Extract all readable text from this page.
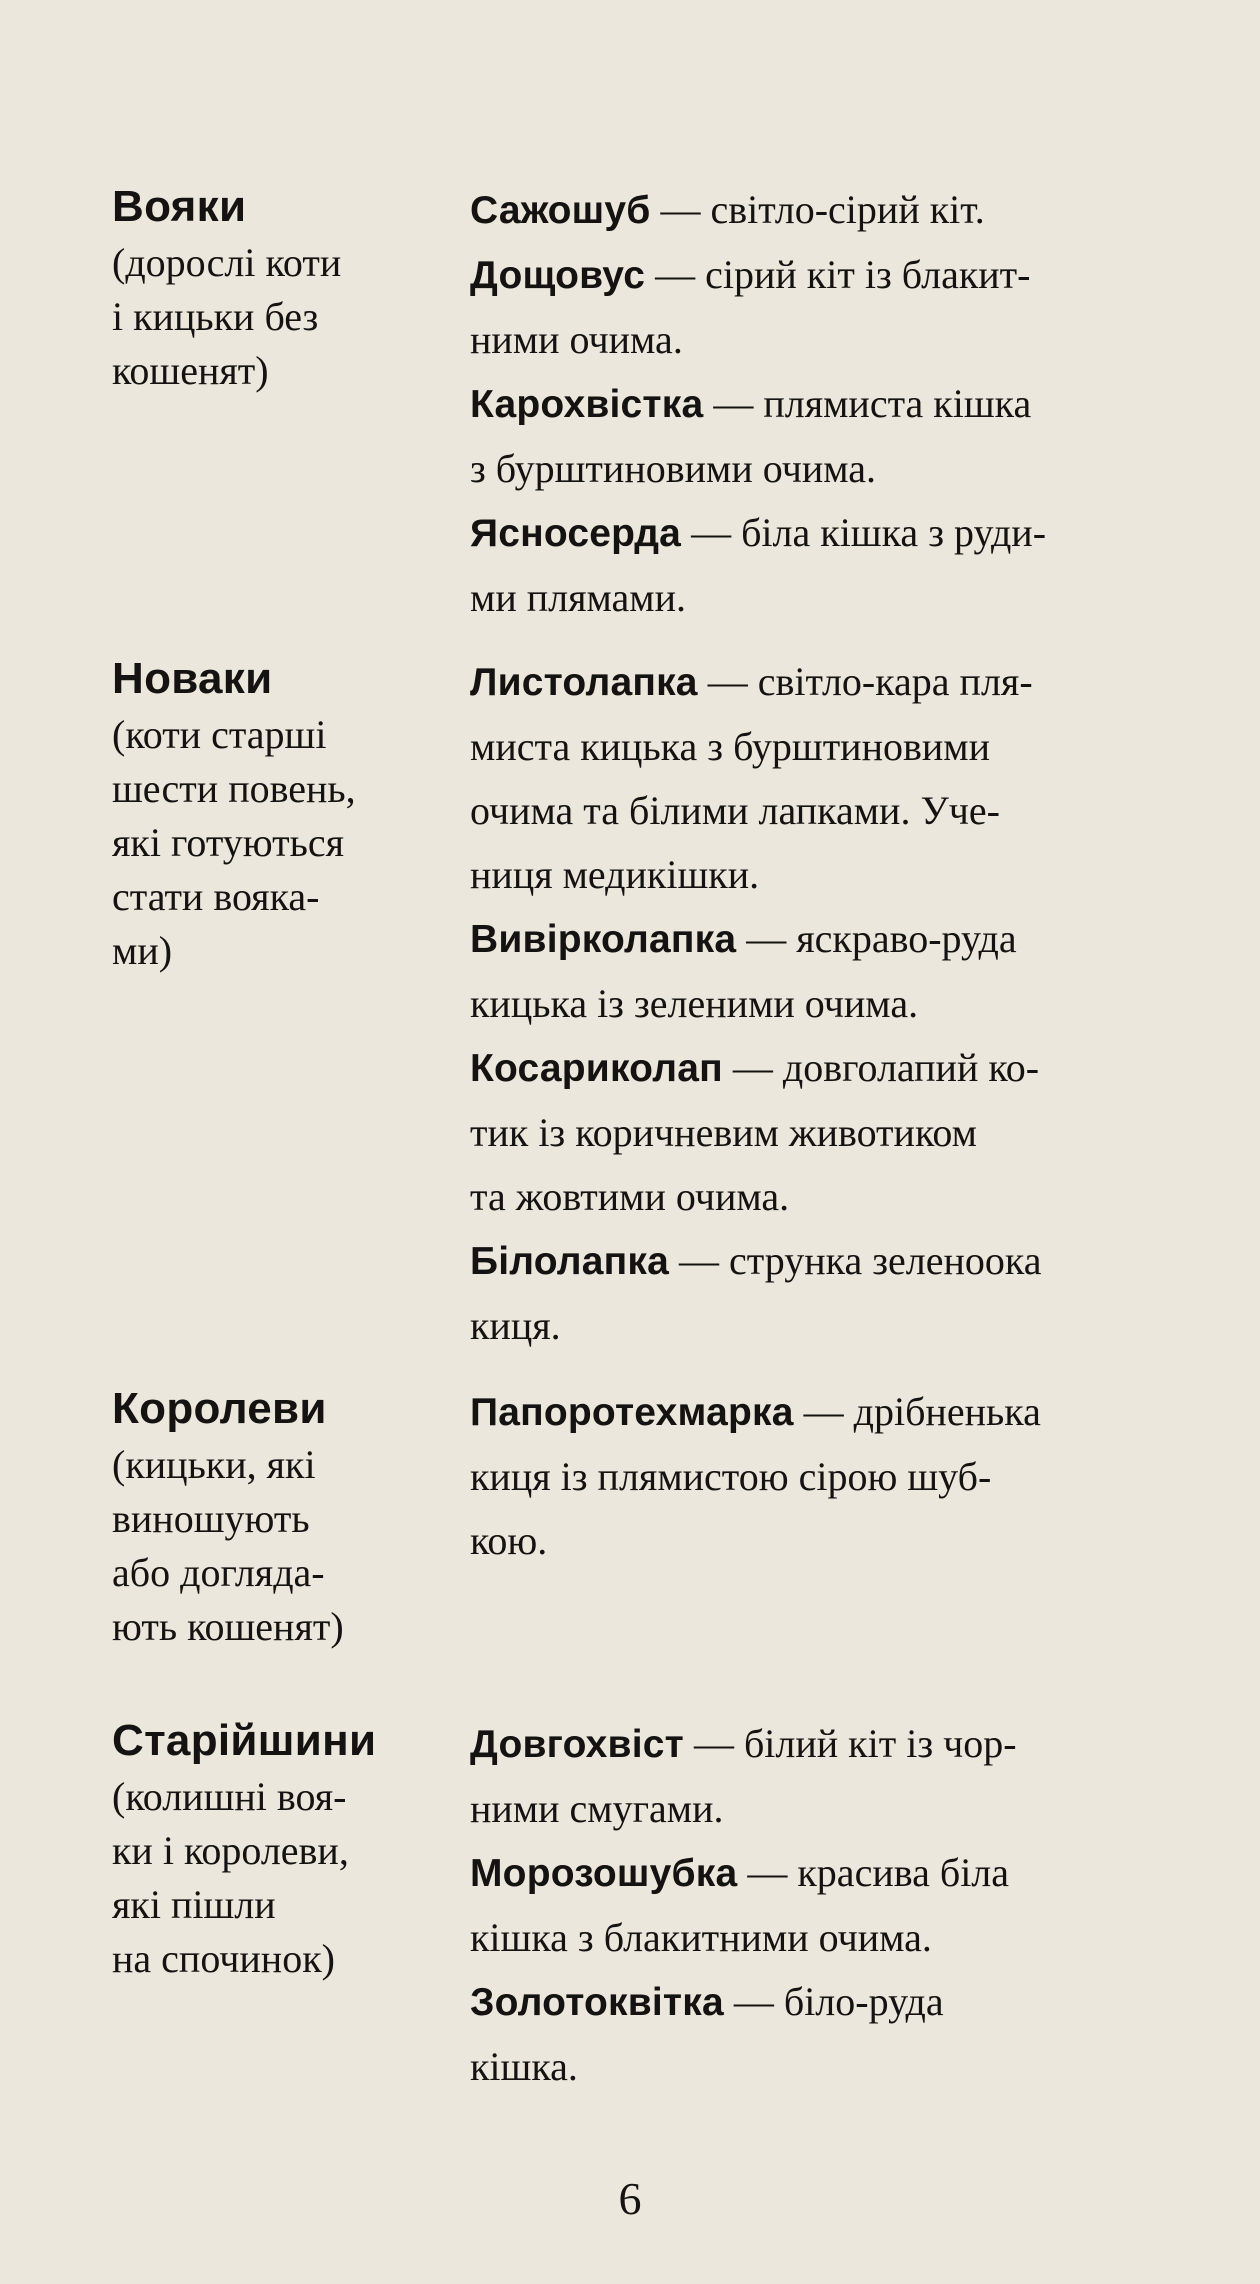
Вояки
(дорослі коти
і кицьки без
кошенят)
Сажошуб — світло-сірий кіт.
Дощовус — сірий кіт із блакит-
ними очима.
Карохвістка — плямиста кішка
з бурштиновими очима.
Ясносерда — біла кішка з руди-
ми плямами.
Новаки
(коти старші
шести повень,
які готуються
стати вояка-
ми)
Листолапка — світло-кара пля-
миста кицька з бурштиновими
очима та білими лапками. Уче-
ниця медикішки.
Вивірколапка — яскраво-руда
кицька із зеленими очима.
Косариколап — довголапий ко-
тик із коричневим животиком
та жовтими очима.
Білолапка — струнка зеленоока
киця.
Королеви
(кицьки, які
виношують
або догляда-
ють кошенят)
Папоротехмарка — дрібненька
киця із плямистою сірою шуб-
кою.
Старійшини
(колишні воя-
ки і королеви,
які пішли
на спочинок)
Довгохвіст — білий кіт із чор-
ними смугами.
Морозошубка — красива біла
кішка з блакитними очима.
Золотоквітка — біло-руда
кішка.
6
